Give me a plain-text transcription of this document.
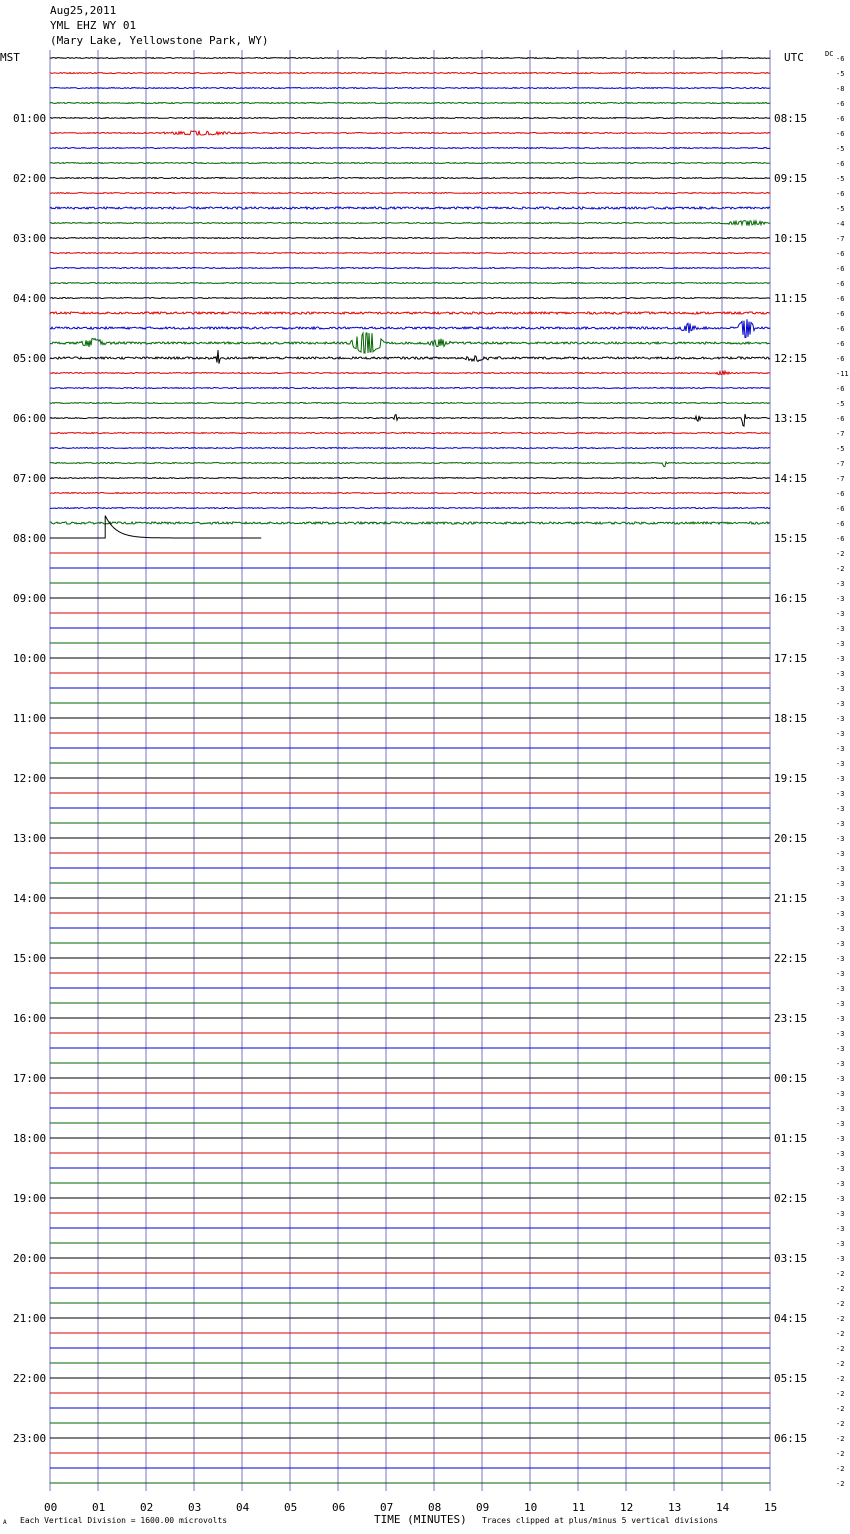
Aug25,2011
YML EHZ WY 01
(Mary Lake, Yellowstone Park, WY)
01:00
02:00
03:00
04:00
05:00
06:00
07:00
08:00
09:00
10:00
11:00
12:00
13:00
14:00
15:00
16:00
17:00
18:00
19:00
20:00
21:00
22:00
23:00
08:15
09:15
10:15
11:15
12:15
13:15
14:15
15:15
16:15
17:15
18:15
19:15
20:15
21:15
22:15
23:15
00:15
01:15
02:15
03:15
04:15
05:15
06:15
-6
-5
-8
-6
-6
-6
-5
-6
-5
-6
-5
-4
-7
-6
-6
-6
-6
-6
-6
-6
-6
-11
-6
-5
-6
-7
-5
-7
-7
-6
-6
-6
-6
-2
-2
-3
-3
-3
-3
-3
-3
-3
-3
-3
-3
-3
-3
-3
-3
-3
-3
-3
-3
-3
-3
-3
-3
-3
-3
-3
-3
-3
-3
-3
-3
-3
-3
-3
-3
-3
-3
-3
-3
-3
-3
-3
-3
-3
-3
-3
-3
-2
-2
-2
-2
-2
-2
-2
-2
-2
-2
-2
-2
-2
-2
-2
00	01	02	03	04	05	06	07	08	09	10	11	12	13	14	15
MST	UTC	DC
TIME (MINUTES)
Each Vertical Division = 1600.00 microvolts	Traces clipped at plus/minus 5 vertical divisions
A
